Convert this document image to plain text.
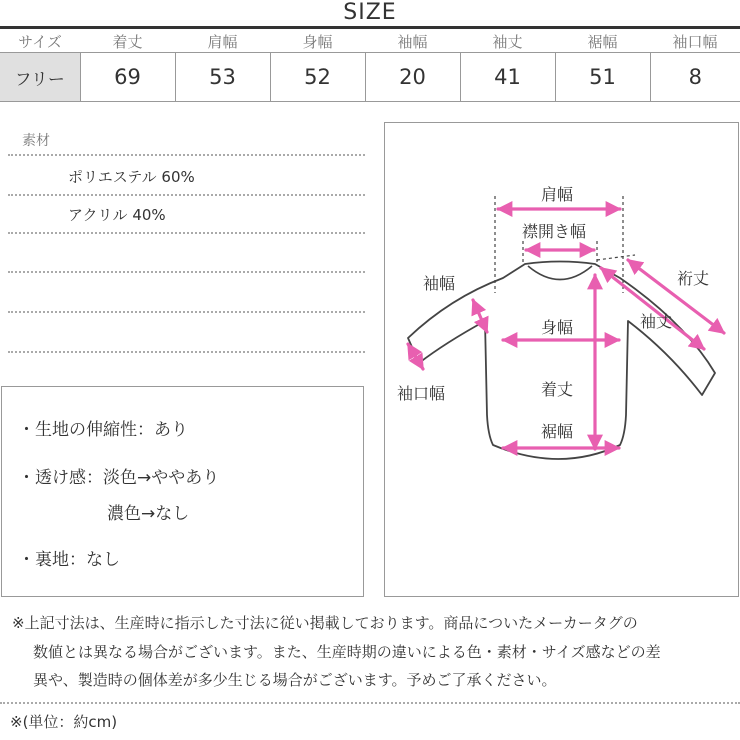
SIZE
サイズ	着丈	肩幅	身幅	袖幅	袖丈	裾幅	袖口幅
フリー	69	53	52	20	41	51	8
素材
ポリエステル 60%
アクリル 40%
・生地の伸縮性：あり
・透け感：淡色→ややあり
濃色→なし
・裏地：なし
肩幅
襟開き幅
裄丈
袖幅
袖丈
身幅
袖口幅	着丈
裾幅
※上記寸法は、生産時に指示した寸法に従い掲載しております。商品についたメーカータグの
数値とは異なる場合がございます。また、生産時期の違いによる色・素材・サイズ感などの差
異や、製造時の個体差が多少生じる場合がございます。予めご了承ください。
※(単位：約cm)
